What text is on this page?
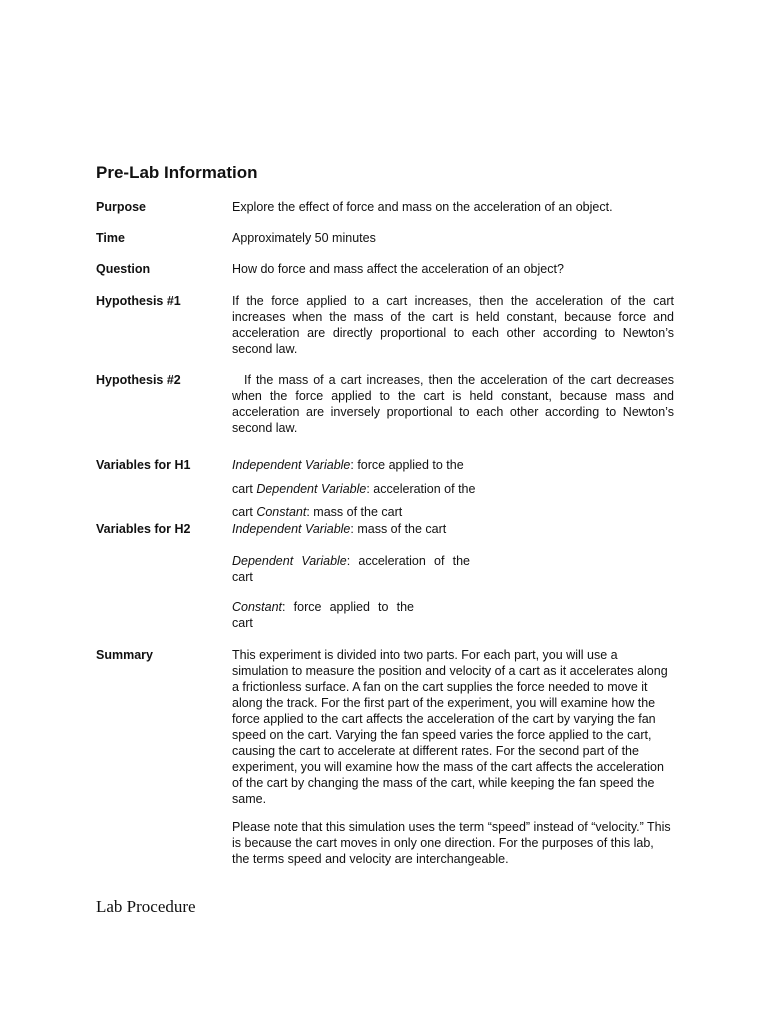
Pre-Lab Information
Purpose	Explore the effect of force and mass on the acceleration of an object.
Time	Approximately 50 minutes
Question	How do force and mass affect the acceleration of an object?
Hypothesis #1	If the force applied to a cart increases, then the acceleration of the cart increases when the mass of the cart is held constant, because force and acceleration are directly proportional to each other according to Newton’s second law.
Hypothesis #2	If the mass of a cart increases, then the acceleration of the cart decreases when the force applied to the cart is held constant, because mass and acceleration are inversely proportional to each other according to Newton’s second law.
Variables for H1	Independent Variable: force applied to the
cart Dependent Variable: acceleration of the
cart Constant: mass of the cart
Variables for H2	Independent Variable: mass of the cart
Dependent Variable: acceleration of the cart
Constant: force applied to the cart
Summary	This experiment is divided into two parts. For each part, you will use a simulation to measure the position and velocity of a cart as it accelerates along a frictionless surface. A fan on the cart supplies the force needed to move it along the track. For the first part of the experiment, you will examine how the force applied to the cart affects the acceleration of the cart by varying the fan speed on the cart. Varying the fan speed varies the force applied to the cart, causing the cart to accelerate at different rates. For the second part of the experiment, you will examine how the mass of the cart affects the acceleration of the cart by changing the mass of the cart, while keeping the fan speed the same.
Please note that this simulation uses the term “speed” instead of “velocity.” This is because the cart moves in only one direction. For the purposes of this lab, the terms speed and velocity are interchangeable.
Lab Procedure
